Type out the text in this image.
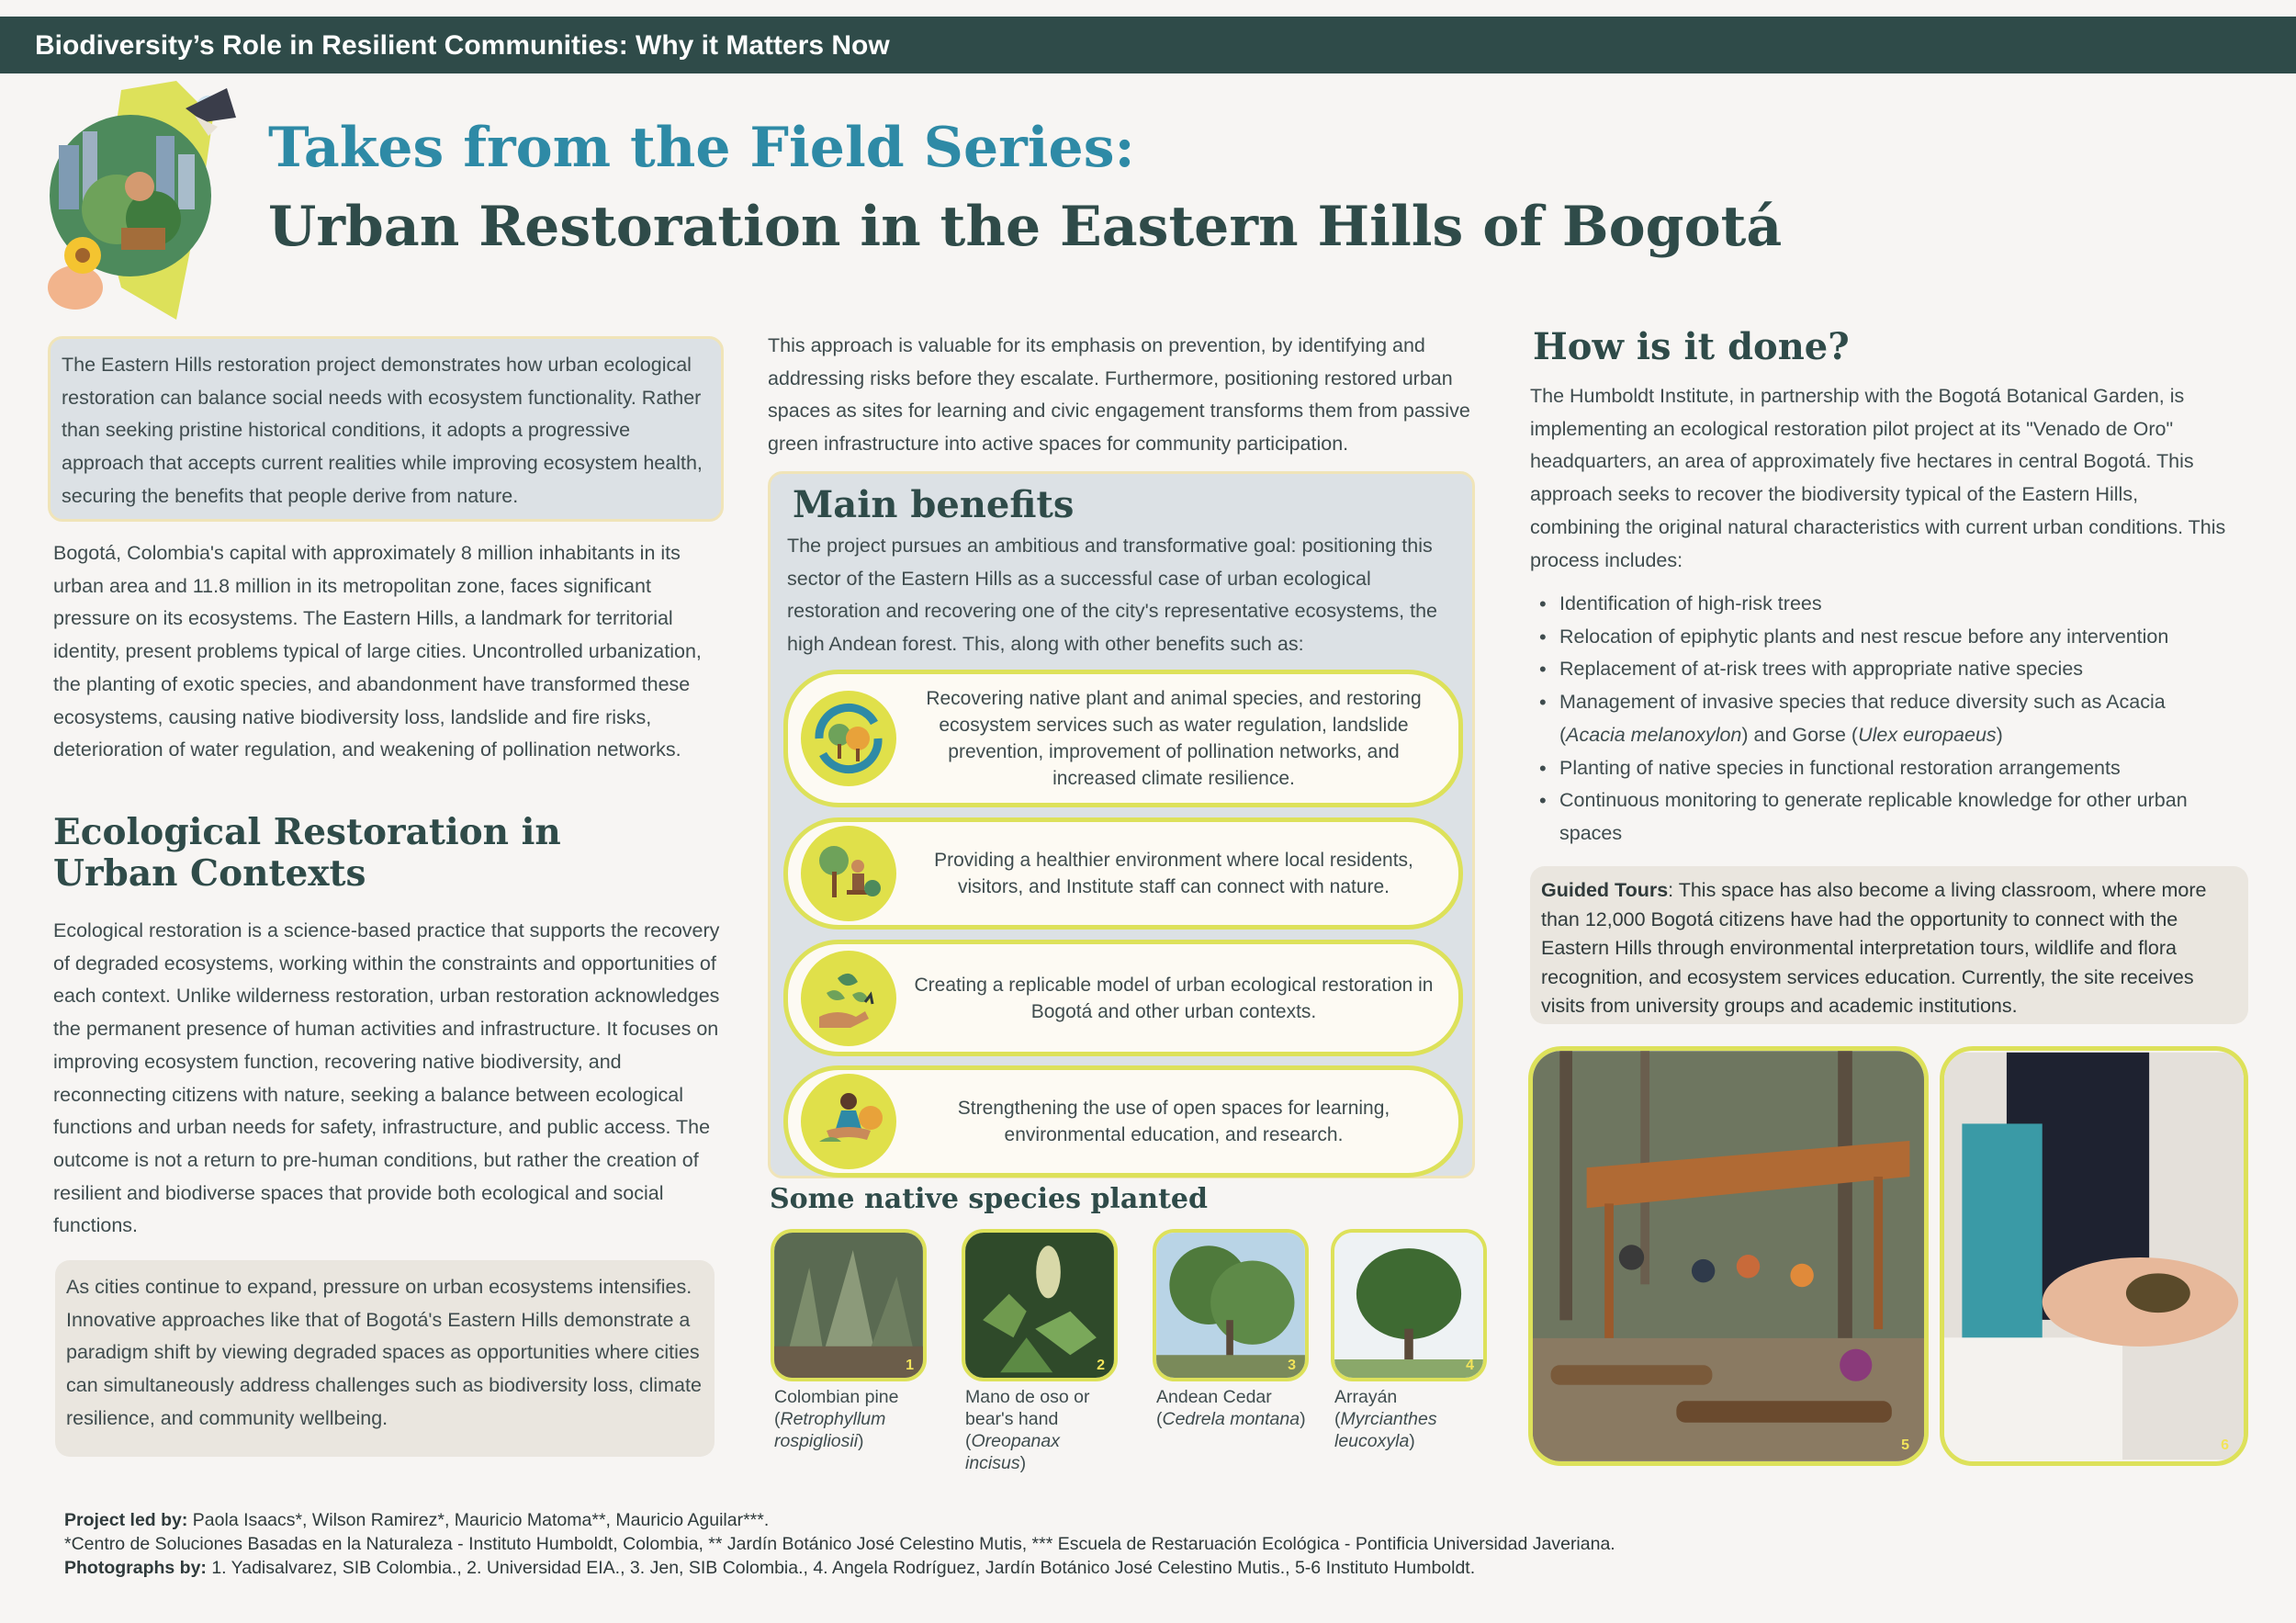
Biodiversity’s Role in Resilient Communities: Why it Matters Now
Takes from the Field Series:
Urban Restoration in the Eastern Hills of Bogotá
The Eastern Hills restoration project demonstrates how urban ecological restoration can balance social needs with ecosystem functionality. Rather than seeking pristine historical conditions, it adopts a progressive approach that accepts current realities while improving ecosystem health, securing the benefits that people derive from nature.
Bogotá, Colombia's capital with approximately 8 million inhabitants in its urban area and 11.8 million in its metropolitan zone, faces significant pressure on its ecosystems. The Eastern Hills, a landmark for territorial identity, present problems typical of large cities. Uncontrolled urbanization, the planting of exotic species, and abandonment have transformed these ecosystems, causing native biodiversity loss, landslide and fire risks, deterioration of water regulation, and weakening of pollination networks.
Ecological Restoration in Urban Contexts
Ecological restoration is a science-based practice that supports the recovery of degraded ecosystems, working within the constraints and opportunities of each context. Unlike wilderness restoration, urban restoration acknowledges the permanent presence of human activities and infrastructure. It focuses on improving ecosystem function, recovering native biodiversity, and reconnecting citizens with nature, seeking a balance between ecological functions and urban needs for safety, infrastructure, and public access. The outcome is not a return to pre-human conditions, but rather the creation of resilient and biodiverse spaces that provide both ecological and social functions.
As cities continue to expand, pressure on urban ecosystems intensifies. Innovative approaches like that of Bogotá's Eastern Hills demonstrate a paradigm shift by viewing degraded spaces as opportunities where cities can simultaneously address challenges such as biodiversity loss, climate resilience, and community wellbeing.
This approach is valuable for its emphasis on prevention, by identifying and addressing risks before they escalate. Furthermore, positioning restored urban spaces as sites for learning and civic engagement transforms them from passive green infrastructure into active spaces for community participation.
Main benefits
The project pursues an ambitious and transformative goal: positioning this sector of the Eastern Hills as a successful case of urban ecological restoration and recovering one of the city's representative ecosystems, the high Andean forest. This, along with other benefits such as:
Recovering native plant and animal species, and restoring ecosystem services such as water regulation, landslide prevention, improvement of pollination networks, and increased climate resilience.
Providing a healthier environment where local residents, visitors, and Institute staff can connect with nature.
Creating a replicable model of urban ecological restoration in Bogotá and other urban contexts.
Strengthening the use of open spaces for learning, environmental education, and research.
Some native species planted
1
Colombian pine
(Retrophyllum rospigliosii)
2
Mano de oso or bear's hand
(Oreopanax incisus)
3
Andean Cedar
(Cedrela montana)
4
Arrayán
(Myrcianthes leucoxyla)
How is it done?
The Humboldt Institute, in partnership with the Bogotá Botanical Garden, is implementing an ecological restoration pilot project at its "Venado de Oro" headquarters, an area of approximately five hectares in central Bogotá. This approach seeks to recover the biodiversity typical of the Eastern Hills, combining the original natural characteristics with current urban conditions. This process includes:
• Identification of high-risk trees
• Relocation of epiphytic plants and nest rescue before any intervention
• Replacement of at-risk trees with appropriate native species
• Management of invasive species that reduce diversity such as Acacia (Acacia melanoxylon) and Gorse (Ulex europaeus)
• Planting of native species in functional restoration arrangements
• Continuous monitoring to generate replicable knowledge for other urban spaces
Guided Tours: This space has also become a living classroom, where more than 12,000 Bogotá citizens have had the opportunity to connect with the Eastern Hills through environmental interpretation tours, wildlife and flora recognition, and ecosystem services education. Currently, the site receives visits from university groups and academic institutions.
5	6
Project led by: Paola Isaacs*, Wilson Ramirez*, Mauricio Matoma**, Mauricio Aguilar***.
*Centro de Soluciones Basadas en la Naturaleza - Instituto Humboldt, Colombia, ** Jardín Botánico José Celestino Mutis, *** Escuela de Restaruación Ecológica - Pontificia Universidad Javeriana.
Photographs by: 1. Yadisalvarez, SIB Colombia., 2. Universidad EIA., 3. Jen, SIB Colombia., 4. Angela Rodríguez, Jardín Botánico José Celestino Mutis., 5-6 Instituto Humboldt.
